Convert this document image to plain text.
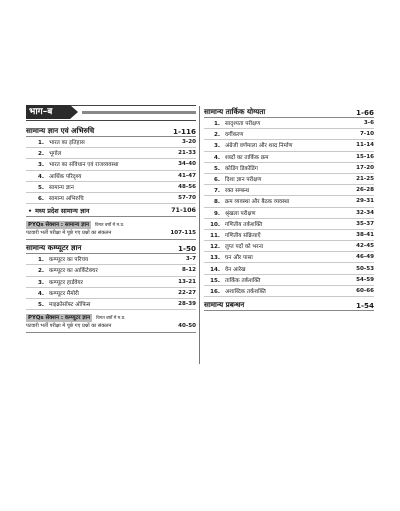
भाग–ब
सामान्य ज्ञान एवं अभिरुचि	1-116
1. भारत का इतिहास	3-20
2. भूगोल	21-33
3. भारत का संविधान एवं राजव्यवस्था	34-40
4. आर्थिक परिदृश्य	41-47
5. सामान्य ज्ञान	48-56
6. सामान्य अभिरुचि	57-70
• मध्य प्रदेश सामान्य ज्ञान	71-106
PYQs सेक्शन : सामान्य ज्ञान	विगत वर्षों में म.प्र.
पटवारी भर्ती परीक्षा में पूछे गए प्रश्नों का संकलन	107-115
सामान्य कम्प्यूटर ज्ञान	1-50
1. कम्प्यूटर का परिचय	3-7
2. कम्प्यूटर का आर्किटेक्चर	8-12
3. कम्प्यूटर हार्डवेयर	13-21
4. कम्प्यूटर मैमोरी	22-27
5. माइक्रोसॉफ्ट ऑफिस	28-39
PYQs सेक्शन : कम्प्यूटर ज्ञान	विगत वर्षों में म.प्र.
पटवारी भर्ती परीक्षा में पूछे गए प्रश्नों का संकलन	40-50
सामान्य तार्किक योग्यता	1-66
1. सादृश्यता परीक्षण	3-6
2. वर्गीकरण	7-10
3. अंग्रेजी वर्णमाला और शब्द निर्माण	11-14
4. शब्दों का तार्किक क्रम	15-16
5. कोडिंग डिकोडिंग	17-20
6. दिशा ज्ञान परीक्षण	21-25
7. रक्त सम्बन्ध	26-28
8. क्रम व्यवस्था और बैठक व्यवस्था	29-31
9. श्रृंखला परीक्षण	32-34
10. गणितीय तर्कशक्ति	35-37
11. गणितीय संक्रियाएँ	38-41
12. लुप्त पदों को भरना	42-45
13. घन और पासा	46-49
14. वेन आरेख	50-53
15. तार्किक तर्कशक्ति	54-59
16. अशाब्दिक तर्कशक्ति	60-66
सामान्य प्रबन्धन	1-54
